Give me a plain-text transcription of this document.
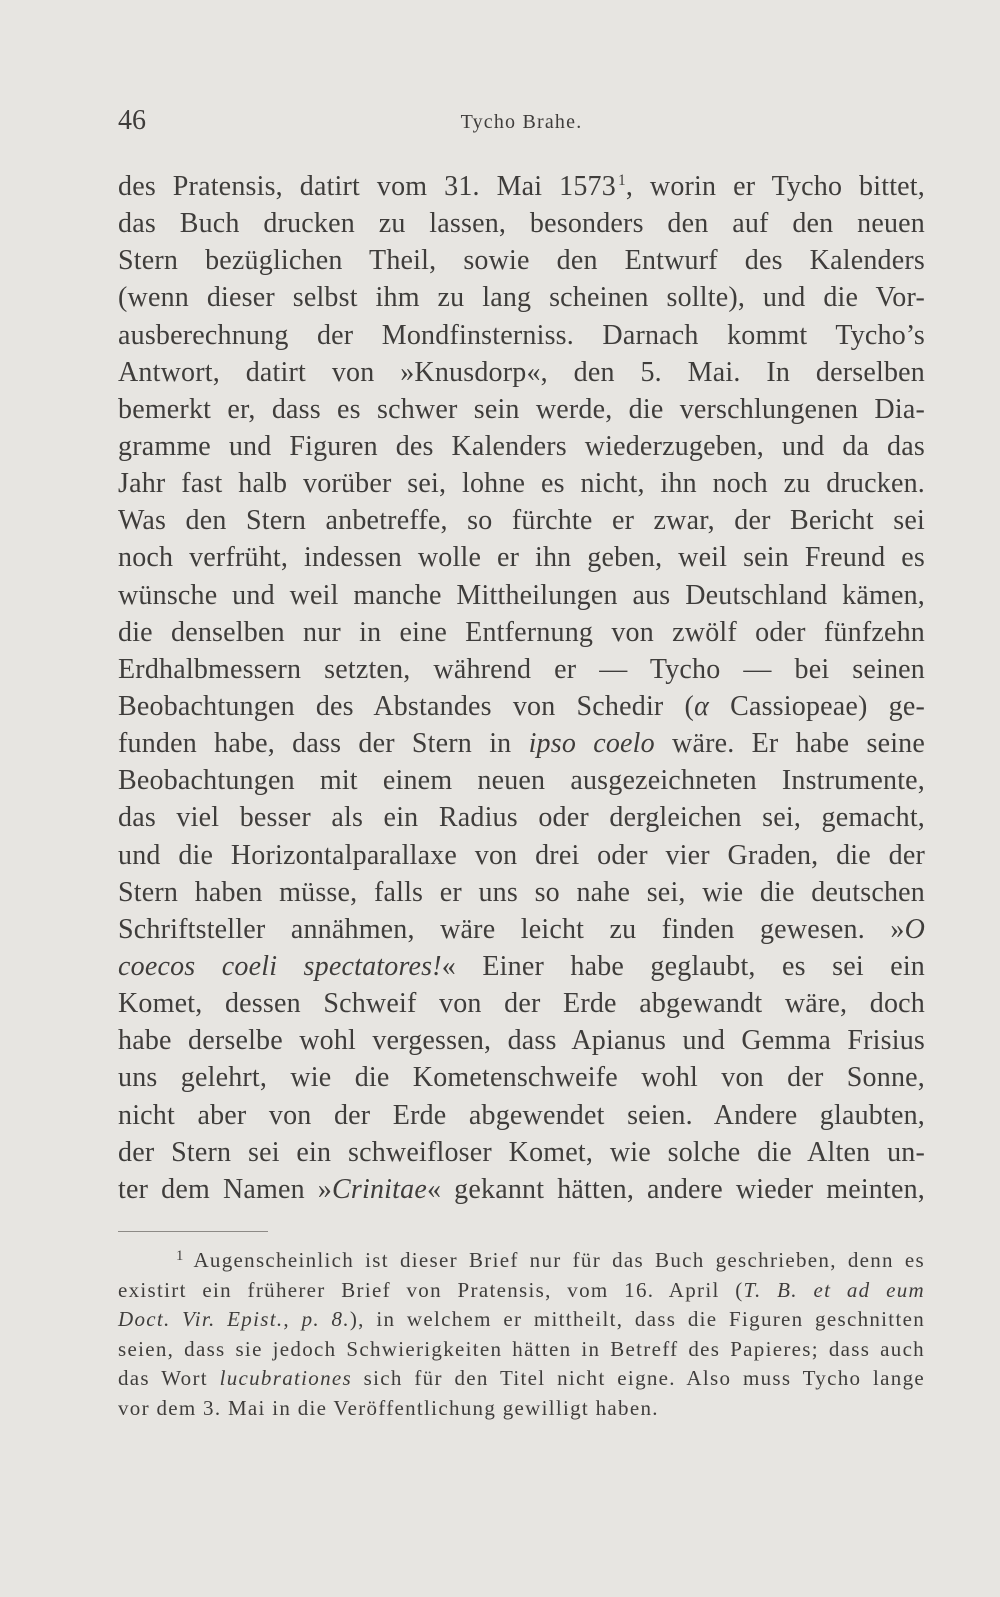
46	Tycho Brahe.
des Pratensis, datirt vom 31. Mai 1573 $^1$, worin er Tycho bittet,
das Buch drucken zu lassen, besonders den auf den neuen
Stern bezüglichen Theil, sowie den Entwurf des Kalenders
(wenn dieser selbst ihm zu lang scheinen sollte), und die Vor-
ausberechnung der Mondfinsterniss. Darnach kommt Tycho’s
Antwort, datirt von »Knusdorp«, den 5. Mai. In derselben
bemerkt er, dass es schwer sein werde, die verschlungenen Dia-
gramme und Figuren des Kalenders wiederzugeben, und da das
Jahr fast halb vorüber sei, lohne es nicht, ihn noch zu drucken.
Was den Stern anbetreffe, so fürchte er zwar, der Bericht sei
noch verfrüht, indessen wolle er ihn geben, weil sein Freund es
wünsche und weil manche Mittheilungen aus Deutschland kämen,
die denselben nur in eine Entfernung von zwölf oder fünfzehn
Erdhalbmessern setzten, während er — Tycho — bei seinen
Beobachtungen des Abstandes von Schedir (α Cassiopeae) ge-
funden habe, dass der Stern in ipso coelo wäre. Er habe seine
Beobachtungen mit einem neuen ausgezeichneten Instrumente,
das viel besser als ein Radius oder dergleichen sei, gemacht,
und die Horizontalparallaxe von drei oder vier Graden, die der
Stern haben müsse, falls er uns so nahe sei, wie die deutschen
Schriftsteller annähmen, wäre leicht zu finden gewesen. »O
coecos coeli spectatores!« Einer habe geglaubt, es sei ein
Komet, dessen Schweif von der Erde abgewandt wäre, doch
habe derselbe wohl vergessen, dass Apianus und Gemma Frisius
uns gelehrt, wie die Kometenschweife wohl von der Sonne,
nicht aber von der Erde abgewendet seien. Andere glaubten,
der Stern sei ein schweifloser Komet, wie solche die Alten un-
ter dem Namen »Crinitae« gekannt hätten, andere wieder meinten,
$^1$ Augenscheinlich ist dieser Brief nur für das Buch geschrieben, denn es
existirt ein früherer Brief von Pratensis, vom 16. April (T. B. et ad eum
Doct. Vir. Epist., p. 8.), in welchem er mittheilt, dass die Figuren geschnitten
seien, dass sie jedoch Schwierigkeiten hätten in Betreff des Papieres; dass auch
das Wort lucubrationes sich für den Titel nicht eigne. Also muss Tycho lange
vor dem 3. Mai in die Veröffentlichung gewilligt haben.
